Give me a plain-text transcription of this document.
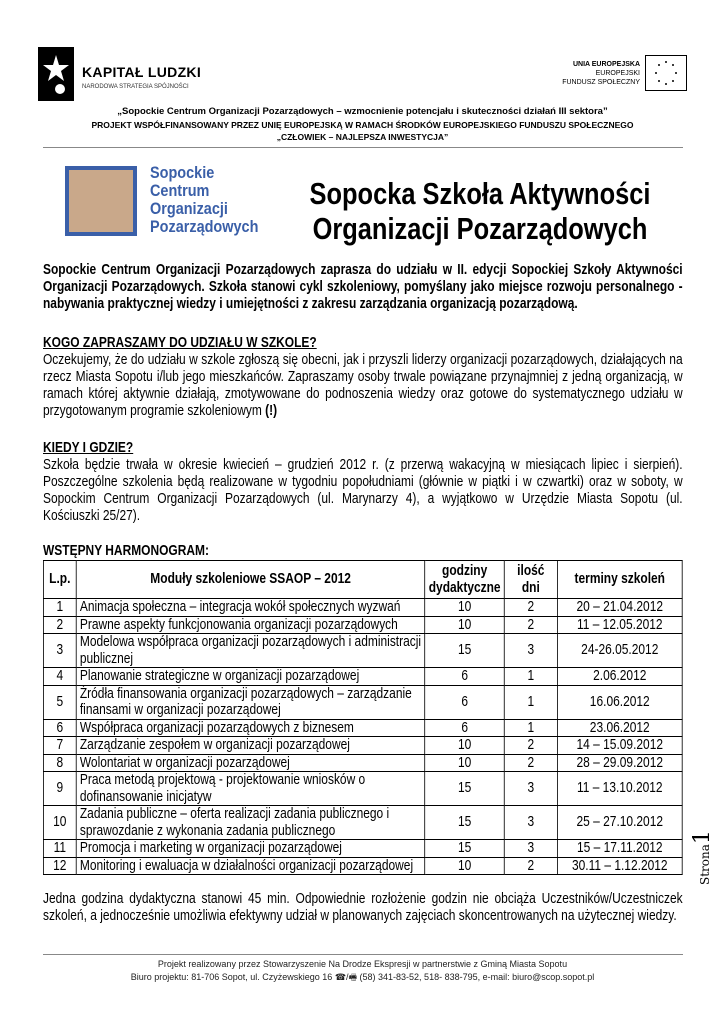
KAPITAŁ LUDZKI
NARODOWA STRATEGIA SPÓJNOŚCI
UNIA EUROPEJSKA
EUROPEJSKI
FUNDUSZ SPOŁECZNY
„Sopockie Centrum Organizacji Pozarządowych – wzmocnienie potencjału i skuteczności działań III sektora”
PROJEKT WSPÓŁFINANSOWANY PRZEZ UNIĘ EUROPEJSKĄ W RAMACH ŚRODKÓW EUROPEJSKIEGO FUNDUSZU SPOŁECZNEGO
„CZŁOWIEK – NAJLEPSZA INWESTYCJA”
Sopockie
Centrum
Organizacji
Pozarządowych
Sopocka Szkoła Aktywności
Organizacji Pozarządowych
Sopockie Centrum Organizacji Pozarządowych zaprasza do udziału w II. edycji Sopockiej Szkoły Aktywności Organizacji Pozarządowych. Szkoła stanowi cykl szkoleniowy, pomyślany jako miejsce rozwoju personalnego - nabywania praktycznej wiedzy i umiejętności z zakresu zarządzania organizacją pozarządową.
KOGO ZAPRASZAMY DO UDZIAŁU W SZKOLE?
Oczekujemy, że do udziału w szkole zgłoszą się obecni, jak i przyszli liderzy organizacji pozarządowych, działających na rzecz Miasta Sopotu i/lub jego mieszkańców. Zapraszamy osoby trwale powiązane przynajmniej z jedną organizacją, w ramach której aktywnie działają, zmotywowane do podnoszenia wiedzy oraz gotowe do systematycznego udziału w przygotowanym programie szkoleniowym (!)
KIEDY I GDZIE?
Szkoła będzie trwała w okresie kwiecień – grudzień 2012 r. (z przerwą wakacyjną w miesiącach lipiec i sierpień). Poszczególne szkolenia będą realizowane w tygodniu popołudniami (głównie w piątki i w czwartki) oraz w soboty, w Sopockim Centrum Organizacji Pozarządowych (ul. Marynarzy 4), a wyjątkowo w Urzędzie Miasta Sopotu (ul. Kościuszki 25/27).
WSTĘPNY HARMONOGRAM:
L.p.	Moduły szkoleniowe SSAOP – 2012	godziny dydaktyczne	ilość dni	terminy szkoleń
1	Animacja społeczna – integracja wokół społecznych wyzwań	10	2	20 – 21.04.2012
2	Prawne aspekty funkcjonowania organizacji pozarządowych	10	2	11 – 12.05.2012
3	Modelowa współpraca organizacji pozarządowych i administracji publicznej	15	3	24-26.05.2012
4	Planowanie strategiczne w organizacji pozarządowej	6	1	2.06.2012
5	Źródła finansowania organizacji pozarządowych – zarządzanie finansami w organizacji pozarządowej	6	1	16.06.2012
6	Współpraca organizacji pozarządowych z biznesem	6	1	23.06.2012
7	Zarządzanie zespołem w organizacji pozarządowej	10	2	14 – 15.09.2012
8	Wolontariat w organizacji pozarządowej	10	2	28 – 29.09.2012
9	Praca metodą projektową - projektowanie wniosków o dofinansowanie inicjatyw	15	3	11 – 13.10.2012
10	Zadania publiczne – oferta realizacji zadania publicznego i sprawozdanie z wykonania zadania publicznego	15	3	25 – 27.10.2012
11	Promocja i marketing w organizacji pozarządowej	15	3	15 – 17.11.2012
12	Monitoring i ewaluacja w działalności organizacji pozarządowej	10	2	30.11 – 1.12.2012
Jedna godzina dydaktyczna stanowi 45 min. Odpowiednie rozłożenie godzin nie obciąża Uczestników/Uczestniczek szkoleń, a jednocześnie umożliwia efektywny udział w planowanych zajęciach skoncentrowanych na użytecznej wiedzy.
Strona1
Projekt realizowany przez Stowarzyszenie Na Drodze Ekspresji w partnerstwie z Gminą Miasta Sopotu
Biuro projektu: 81-706 Sopot, ul. Czyżewskiego 16 ☎/🖷 (58) 341-83-52, 518- 838-795, e-mail: biuro@scop.sopot.pl
